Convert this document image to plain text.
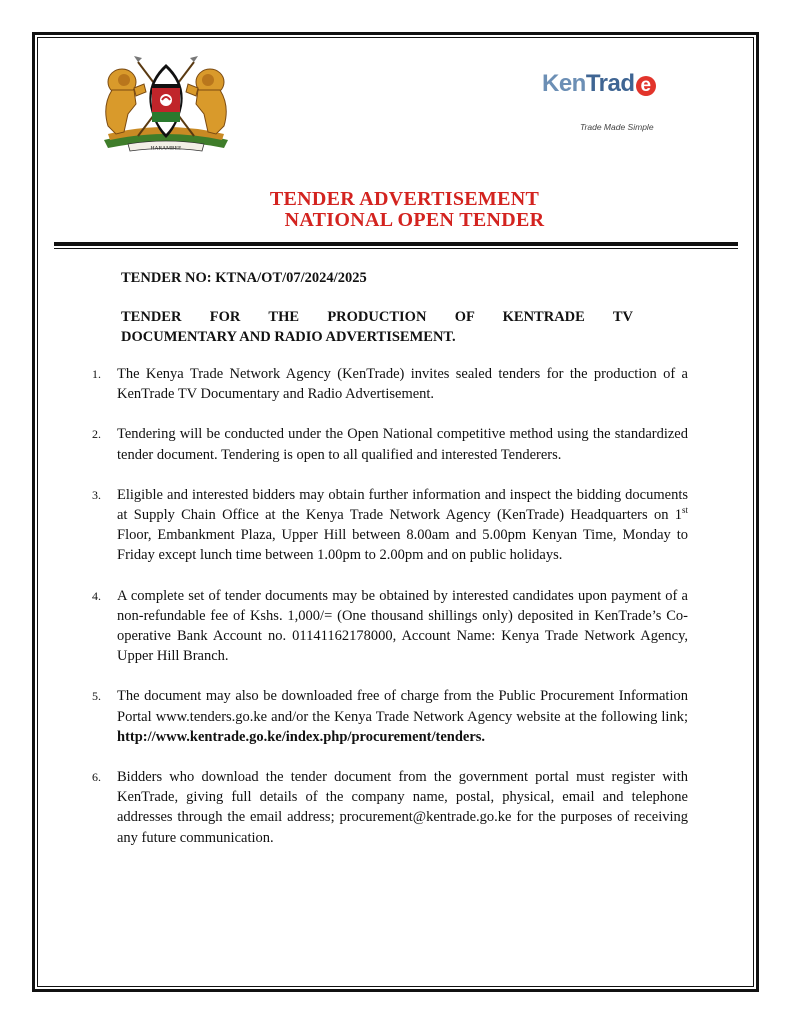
HARAMBEE
KenTrad e
Trade Made Simple
TENDER ADVERTISEMENT
NATIONAL OPEN TENDER
TENDER NO: KTNA/OT/07/2024/2025
TENDER FOR THE PRODUCTION OF KENTRADE TV
DOCUMENTARY AND RADIO ADVERTISEMENT.
1. The Kenya Trade Network Agency (KenTrade) invites sealed tenders for the production of a KenTrade TV Documentary and Radio Advertisement.
2. Tendering will be conducted under the Open National competitive method using the standardized tender document. Tendering is open to all qualified and interested Tenderers.
3. Eligible and interested bidders may obtain further information and inspect the bidding documents at Supply Chain Office at the Kenya Trade Network Agency (KenTrade) Headquarters on 1st Floor, Embankment Plaza, Upper Hill between 8.00am and 5.00pm Kenyan Time, Monday to Friday except lunch time between 1.00pm to 2.00pm and on public holidays.
4. A complete set of tender documents may be obtained by interested candidates upon payment of a non-refundable fee of Kshs. 1,000/= (One thousand shillings only) deposited in KenTrade’s Co-operative Bank Account no. 01141162178000, Account Name: Kenya Trade Network Agency, Upper Hill Branch.
5. The document may also be downloaded free of charge from the Public Procurement Information Portal www.tenders.go.ke and/or the Kenya Trade Network Agency website at the following link; http://www.kentrade.go.ke/index.php/procurement/tenders.
6. Bidders who download the tender document from the government portal must register with KenTrade, giving full details of the company name, postal, physical, email and telephone addresses through the email address; procurement@kentrade.go.ke for the purposes of receiving any future communication.
